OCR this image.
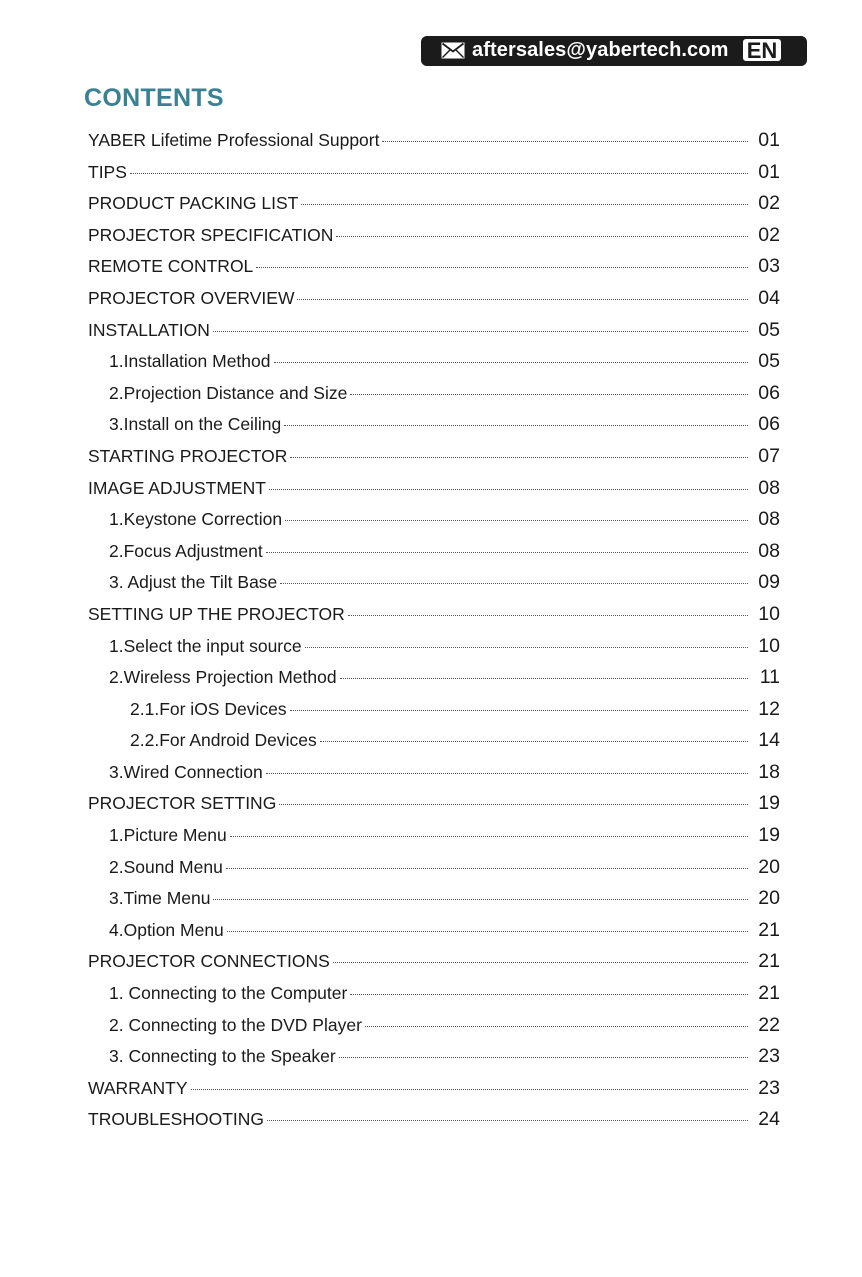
aftersales@yabertech.com EN
CONTENTS
YABER Lifetime Professional Support	01
TIPS	01
PRODUCT PACKING LIST	02
PROJECTOR SPECIFICATION	02
REMOTE CONTROL	03
PROJECTOR OVERVIEW	04
INSTALLATION	05
1.Installation Method	05
2.Projection Distance and Size	06
3.Install on the Ceiling	06
STARTING PROJECTOR	07
IMAGE ADJUSTMENT	08
1.Keystone Correction	08
2.Focus Adjustment	08
3. Adjust the Tilt Base	09
SETTING UP THE PROJECTOR	10
1.Select the input source	10
2.Wireless Projection Method	11
2.1.For iOS Devices	12
2.2.For Android Devices	14
3.Wired Connection	18
PROJECTOR SETTING	19
1.Picture Menu	19
2.Sound Menu	20
3.Time Menu	20
4.Option Menu	21
PROJECTOR CONNECTIONS	21
1. Connecting to the Computer	21
2. Connecting to the DVD Player	22
3. Connecting to the Speaker	23
WARRANTY	23
TROUBLESHOOTING	24
